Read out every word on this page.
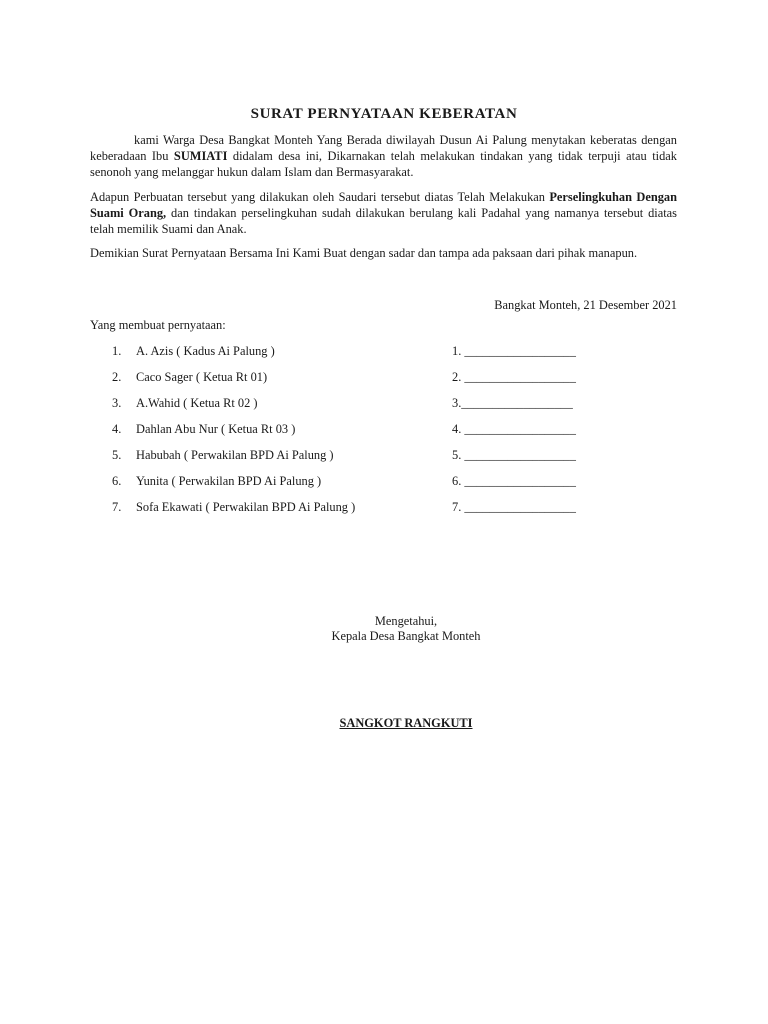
SURAT PERNYATAAN KEBERATAN
kami Warga Desa Bangkat Monteh Yang Berada diwilayah Dusun Ai Palung menytakan keberatas dengan keberadaan Ibu SUMIATI didalam desa ini, Dikarnakan telah melakukan tindakan yang tidak terpuji atau tidak senonoh yang melanggar hukun dalam Islam dan Bermasyarakat.
Adapun Perbuatan tersebut yang dilakukan oleh Saudari tersebut diatas Telah Melakukan Perselingkuhan Dengan Suami Orang, dan tindakan perselingkuhan sudah dilakukan berulang kali Padahal yang namanya tersebut diatas telah memilik Suami dan Anak.
Demikian Surat Pernyataan Bersama Ini Kami Buat dengan sadar dan tampa ada paksaan dari pihak manapun.
Bangkat Monteh, 21 Desember 2021
Yang membuat pernyataan:
1. A. Azis ( Kadus Ai Palung )	1. __________________
2. Caco Sager ( Ketua Rt 01)	2. __________________
3. A.Wahid ( Ketua Rt 02 )	3.__________________
4. Dahlan Abu Nur ( Ketua Rt 03 )	4. __________________
5. Habubah ( Perwakilan BPD Ai Palung )	5. __________________
6. Yunita ( Perwakilan BPD Ai Palung )	6. __________________
7. Sofa Ekawati ( Perwakilan BPD Ai Palung )	7. __________________
Mengetahui,
Kepala Desa Bangkat Monteh
SANGKOT RANGKUTI
